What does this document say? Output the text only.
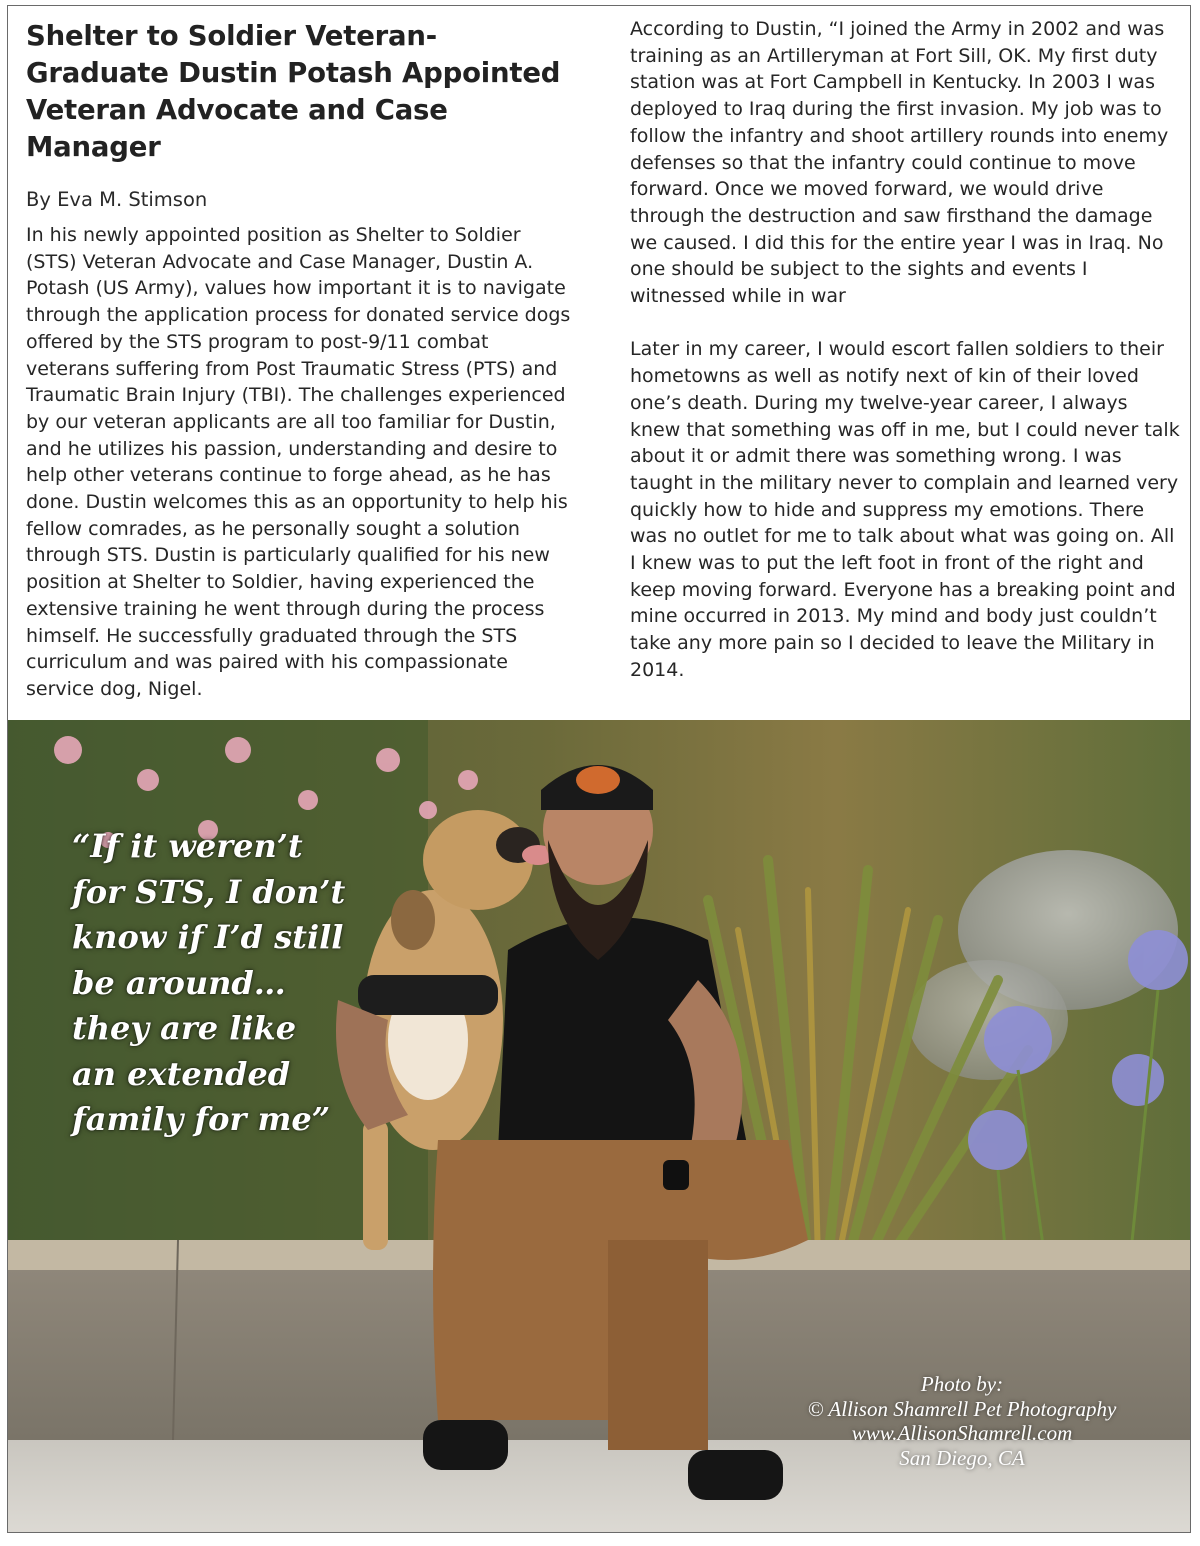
Shelter to Soldier Veteran-Graduate Dustin Potash Appointed Veteran Advocate and Case Manager

By Eva M. Stimson

In his newly appointed position as Shelter to Soldier (STS) Veteran Advocate and Case Manager, Dustin A. Potash (US Army), values how important it is to navigate through the application process for donated service dogs offered by the STS program to post-9/11 combat veterans suffering from Post Traumatic Stress (PTS) and Traumatic Brain Injury (TBI). The challenges experienced by our veteran applicants are all too familiar for Dustin, and he utilizes his passion, understanding and desire to help other veterans continue to forge ahead, as he has done. Dustin welcomes this as an opportunity to help his fellow comrades, as he personally sought a solution through STS. Dustin is particularly qualified for his new position at Shelter to Soldier, having experienced the extensive training he went through during the process himself. He successfully graduated through the STS curriculum and was paired with his compassionate service dog, Nigel.

According to Dustin, “I joined the Army in 2002 and was training as an Artilleryman at Fort Sill, OK. My first duty station was at Fort Campbell in Kentucky. In 2003 I was deployed to Iraq during the first invasion. My job was to follow the infantry and shoot artillery rounds into enemy defenses so that the infantry could continue to move forward. Once we moved forward, we would drive through the destruction and saw firsthand the damage we caused. I did this for the entire year I was in Iraq. No one should be subject to the sights and events I witnessed while in war

Later in my career, I would escort fallen soldiers to their hometowns as well as notify next of kin of their loved one’s death. During my twelve-year career, I always knew that something was off in me, but I could never talk about it or admit there was something wrong. I was taught in the military never to complain and learned very quickly how to hide and suppress my emotions. There was no outlet for me to talk about what was going on. All I knew was to put the left foot in front of the right and keep moving forward. Everyone has a breaking point and mine occurred in 2013. My mind and body just couldn’t take any more pain so I decided to leave the Military in 2014.

“If it weren’t
for STS, I don’t
know if I’d still
be around…
they are like
an extended
family for me”
Photo by:
© Allison Shamrell Pet Photography
www.AllisonShamrell.com
San Diego, CA
